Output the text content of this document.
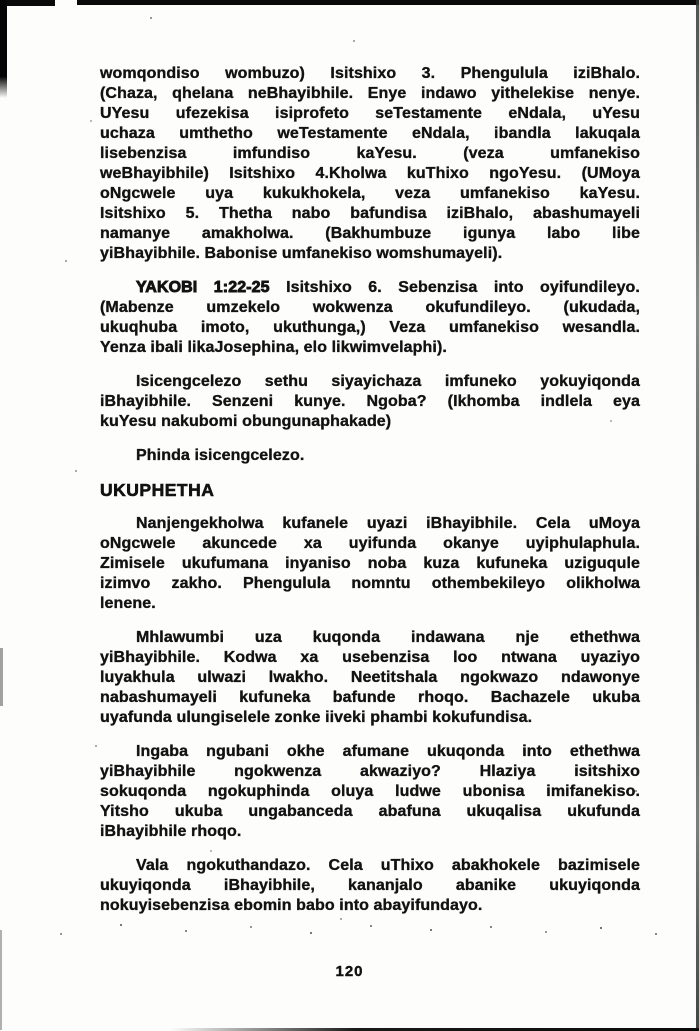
womqondiso wombuzo) Isitshixo 3. Phengulula iziBhalo.
(Chaza, qhelana neBhayibhile. Enye indawo yithelekise nenye.
UYesu ufezekisa isiprofeto seTestamente eNdala, uYesu
uchaza umthetho weTestamente eNdala, ibandla lakuqala
lisebenzisa imfundiso kaYesu. (veza umfanekiso
weBhayibhile) Isitshixo 4.Kholwa kuThixo ngoYesu. (UMoya
oNgcwele uya kukukhokela, veza umfanekiso kaYesu.
Isitshixo 5. Thetha nabo bafundisa iziBhalo, abashumayeli
namanye amakholwa. (Bakhumbuze igunya labo libe
yiBhayibhile. Babonise umfanekiso womshumayeli).
YAKOBI 1:22-25 Isitshixo 6. Sebenzisa into oyifundileyo.
(Mabenze umzekelo wokwenza okufundileyo. (ukudada,
ukuqhuba imoto, ukuthunga,) Veza umfanekiso wesandla.
Yenza ibali likaJosephina, elo likwimvelaphi).
Isicengcelezo sethu siyayichaza imfuneko yokuyiqonda
iBhayibhile. Senzeni kunye. Ngoba? (Ikhomba indlela eya
kuYesu nakubomi obungunaphakade)
Phinda isicengcelezo.
UKUPHETHA
Nanjengekholwa kufanele uyazi iBhayibhile. Cela uMoya
oNgcwele akuncede xa uyifunda okanye uyiphulaphula.
Zimisele ukufumana inyaniso noba kuza kufuneka uziguqule
izimvo zakho. Phengulula nomntu othembekileyo olikholwa
lenene.
Mhlawumbi uza kuqonda indawana nje ethethwa
yiBhayibhile. Kodwa xa usebenzisa loo ntwana uyaziyo
luyakhula ulwazi lwakho. Neetitshala ngokwazo ndawonye
nabashumayeli kufuneka bafunde rhoqo. Bachazele ukuba
uyafunda ulungiselele zonke iiveki phambi kokufundisa.
Ingaba ngubani okhe afumane ukuqonda into ethethwa
yiBhayibhile ngokwenza akwaziyo? Hlaziya isitshixo
sokuqonda ngokuphinda oluya ludwe ubonisa imifanekiso.
Yitsho ukuba ungabanceda abafuna ukuqalisa ukufunda
iBhayibhile rhoqo.
Vala ngokuthandazo. Cela uThixo abakhokele bazimisele
ukuyiqonda iBhayibhile, kananjalo abanike ukuyiqonda
nokuyisebenzisa ebomin babo into abayifundayo.
120
